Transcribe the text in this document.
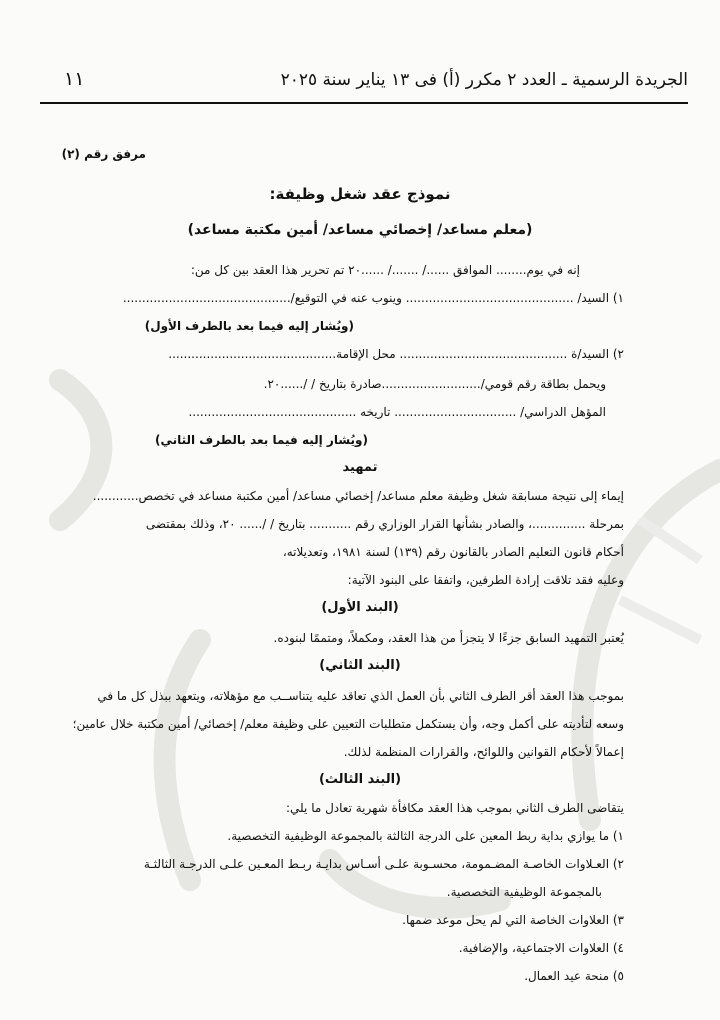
الجريدة الرسمية ـ العدد ٢ مكرر (أ) فى ١٣ يناير سنة ٢٠٢٥
١١
مرفق رقم (٢)
نموذج عقد شغل وظيفة:
(معلم مساعد/ إخصائي مساعد/ أمين مكتبة مساعد)
إنه في يوم........ الموافق ....../ ......./ ......٢٠ تم تحرير هذا العقد بين كل من:
١) السيد/ ............................................ وينوب عنه في التوقيع/............................................
(ويُشار إليه فيما بعد بالطرف الأول)
٢) السيد/ة ............................................ محل الإقامة............................................
ويحمل بطاقة رقم قومي/..........................صادرة بتاريخ / /......٢٠.
المؤهل الدراسي/ ................................ تاريخه ............................................
(ويُشار إليه فيما بعد بالطرف الثاني)
تمهيد
إيماء إلى نتيجة مسابقة شغل وظيفة معلم مساعد/ إخصائي مساعد/ أمين مكتبة مساعد في تخصص............
بمرحلة ..............، والصادر بشأنها القرار الوزاري رقم ........... بتاريخ / /...... ٢٠، وذلك بمقتضى
أحكام قانون التعليم الصادر بالقانون رقم (١٣٩) لسنة ١٩٨١، وتعديلاته،
وعليه فقد تلاقت إرادة الطرفين، واتفقا على البنود الآتية:
(البند الأول)
يُعتبر التمهيد السابق جزءًا لا يتجزأ من هذا العقد، ومكملاً، ومتممًا لبنوده.
(البند الثاني)
بموجب هذا العقد أقر الطرف الثاني بأن العمل الذي تعاقد عليه يتناســب مع مؤهلاته، ويتعهد ببذل كل ما في
وسعه لتأديته على أكمل وجه، وأن يستكمل متطلبات التعيين على وظيفة معلم/ إخصائي/ أمين مكتبة خلال عامين؛
إعمالاً لأحكام القوانين واللوائح، والقرارات المنظمة لذلك.
(البند الثالث)
يتقاضى الطرف الثاني بموجب هذا العقد مكافأة شهرية تعادل ما يلي:
١) ما يوازي بداية ربط المعين على الدرجة الثالثة بالمجموعة الوظيفية التخصصية.
٢) العـلاوات الخاصـة المضـمومة، محسـوبة علـى أسـاس بدايـة ربـط المعـين علـى الدرجـة الثالثـة
بالمجموعة الوظيفية التخصصية.
٣) العلاوات الخاصة التي لم يحل موعد ضمها.
٤) العلاوات الاجتماعية، والإضافية.
٥) منحة عيد العمال.
